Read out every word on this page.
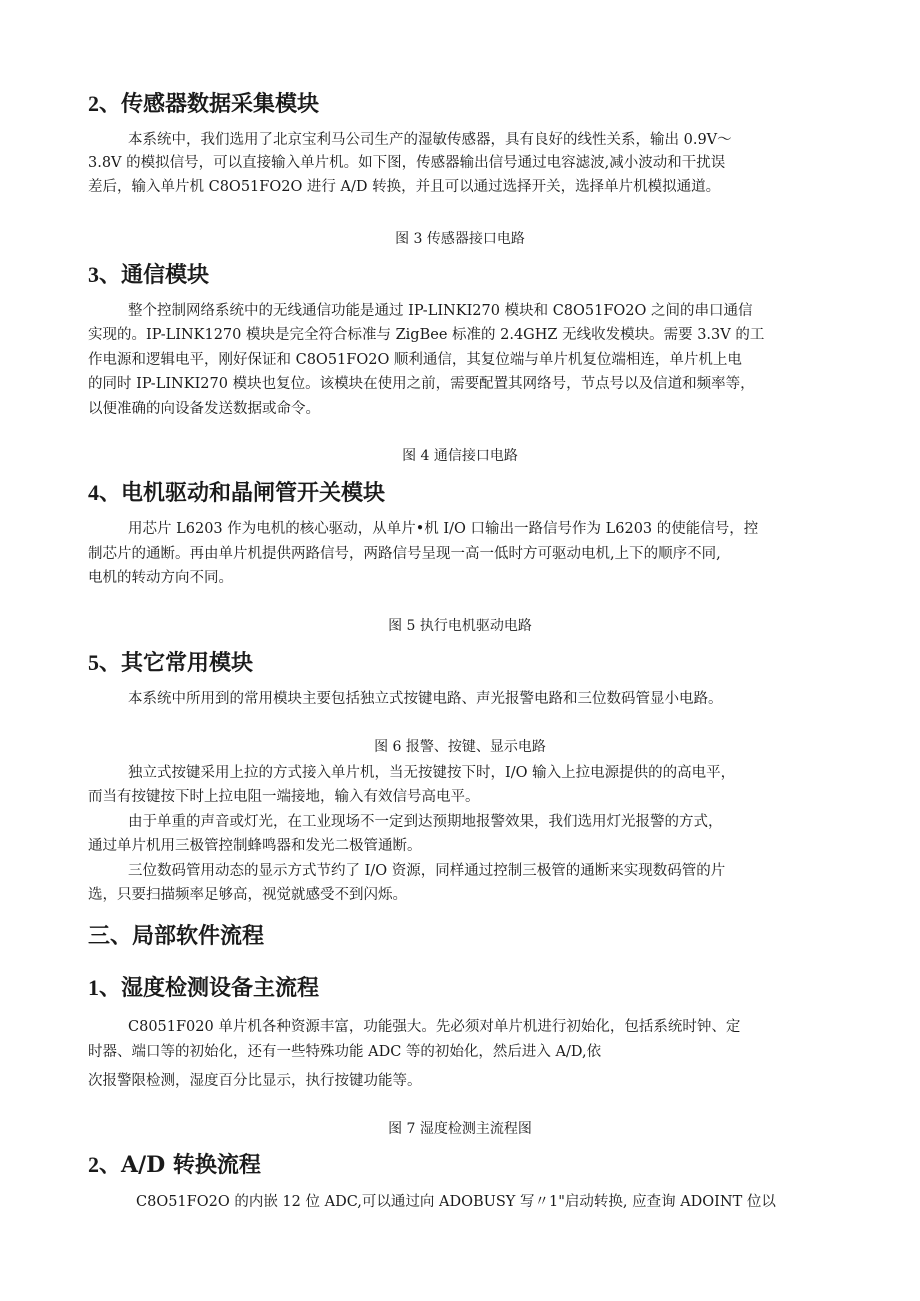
2、传感器数据采集模块

本系统中，我们选用了北京宝利马公司生产的湿敏传感器，具有良好的线性关系，输出 0.9V～

3.8V 的模拟信号，可以直接输入单片机。如下图，传感器输出信号通过电容滤波,减小波动和干扰误

差后，输入单片机 C8O51FO2O 进行 A/D 转换，并且可以通过选择开关，选择单片机模拟通道。

图 3 传感器接口电路

3、通信模块

整个控制网络系统中的无线通信功能是通过 IP-LINKI270 模块和 C8O51FO2O 之间的串口通信

实现的。IP-LINK1270 模块是完全符合标准与 ZigBee 标准的 2.4GHZ 无线收发模块。需要 3.3V 的工

作电源和逻辑电平，刚好保证和 C8O51FO2O 顺利通信，其复位端与单片机复位端相连，单片机上电

的同时 IP-LINKI270 模块也复位。该模块在使用之前，需要配置其网络号，节点号以及信道和频率等，

以便准确的向设备发送数据或命令。

图 4 通信接口电路

4、电机驱动和晶闸管开关模块

用芯片 L6203 作为电机的核心驱动，从单片•机 I/O 口输出一路信号作为 L6203 的使能信号，控

制芯片的通断。再由单片机提供两路信号，两路信号呈现一高一低时方可驱动电机,上下的顺序不同,

电机的转动方向不同。

图 5 执行电机驱动电路

5、其它常用模块

本系统中所用到的常用模块主要包括独立式按键电路、声光报警电路和三位数码管显小电路。

图 6 报警、按键、显示电路

独立式按键采用上拉的方式接入单片机，当无按键按下时，I/O 输入上拉电源提供的的高电平，

而当有按键按下时上拉电阻一端接地，输入有效信号高电平。

由于单重的声音或灯光，在工业现场不一定到达预期地报警效果，我们选用灯光报警的方式，

通过单片机用三极管控制蜂鸣器和发光二极管通断。

三位数码管用动态的显示方式节约了 I/O 资源，同样通过控制三极管的通断来实现数码管的片

选，只要扫描频率足够高，视觉就感受不到闪烁。

三、局部软件流程
1、湿度检测设备主流程

C8051F020 单片机各种资源丰富，功能强大。先必须对单片机进行初始化，包括系统时钟、定

时器、端口等的初始化，还有一些特殊功能 ADC 等的初始化，然后进入 A/D,依

次报警限检测，湿度百分比显示，执行按键功能等。

图 7 湿度检测主流程图

2、A/D 转换流程

C8O51FO2O 的内嵌 12 位 ADC,可以通过向 ADOBUSY 写〃1"启动转换, 应查询 ADOINT 位以
